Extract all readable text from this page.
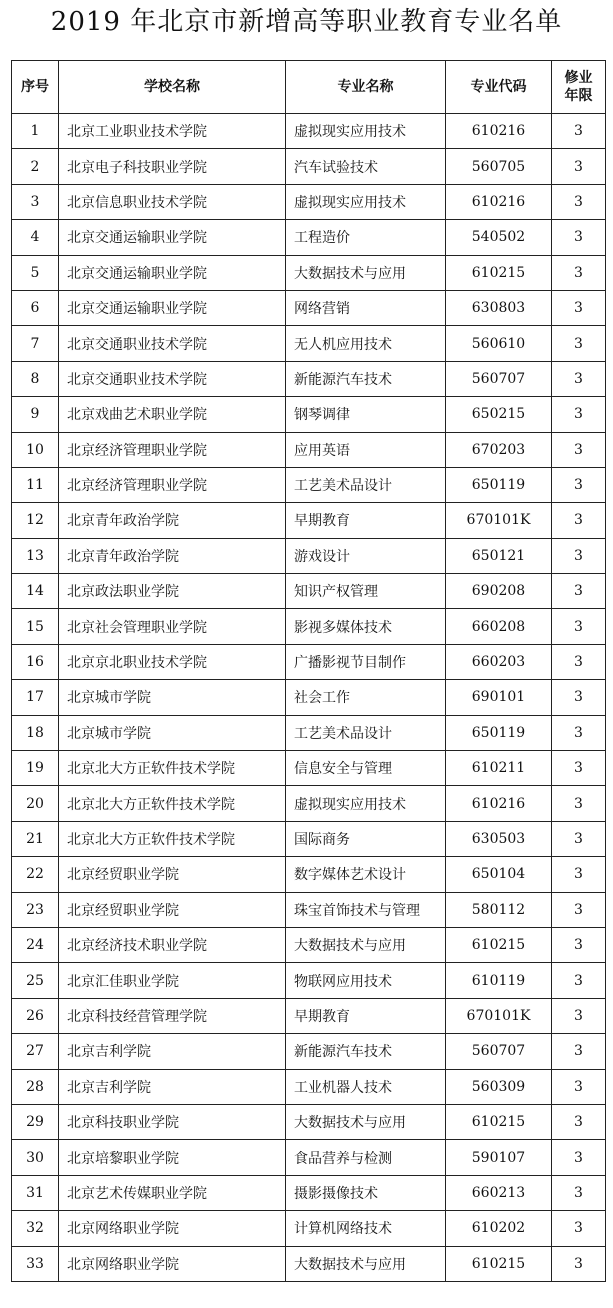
2019 年北京市新增高等职业教育专业名单
序号	学校名称	专业名称	专业代码	修业
年限

1	北京工业职业技术学院	虚拟现实应用技术	610216	3
2	北京电子科技职业学院	汽车试验技术	560705	3
3	北京信息职业技术学院	虚拟现实应用技术	610216	3
4	北京交通运输职业学院	工程造价	540502	3
5	北京交通运输职业学院	大数据技术与应用	610215	3
6	北京交通运输职业学院	网络营销	630803	3
7	北京交通职业技术学院	无人机应用技术	560610	3
8	北京交通职业技术学院	新能源汽车技术	560707	3
9	北京戏曲艺术职业学院	钢琴调律	650215	3
10	北京经济管理职业学院	应用英语	670203	3
11	北京经济管理职业学院	工艺美术品设计	650119	3
12	北京青年政治学院	早期教育	670101K	3
13	北京青年政治学院	游戏设计	650121	3
14	北京政法职业学院	知识产权管理	690208	3
15	北京社会管理职业学院	影视多媒体技术	660208	3
16	北京京北职业技术学院	广播影视节目制作	660203	3
17	北京城市学院	社会工作	690101	3
18	北京城市学院	工艺美术品设计	650119	3
19	北京北大方正软件技术学院	信息安全与管理	610211	3
20	北京北大方正软件技术学院	虚拟现实应用技术	610216	3
21	北京北大方正软件技术学院	国际商务	630503	3
22	北京经贸职业学院	数字媒体艺术设计	650104	3
23	北京经贸职业学院	珠宝首饰技术与管理	580112	3
24	北京经济技术职业学院	大数据技术与应用	610215	3
25	北京汇佳职业学院	物联网应用技术	610119	3
26	北京科技经营管理学院	早期教育	670101K	3
27	北京吉利学院	新能源汽车技术	560707	3
28	北京吉利学院	工业机器人技术	560309	3
29	北京科技职业学院	大数据技术与应用	610215	3
30	北京培黎职业学院	食品营养与检测	590107	3
31	北京艺术传媒职业学院	摄影摄像技术	660213	3
32	北京网络职业学院	计算机网络技术	610202	3
33	北京网络职业学院	大数据技术与应用	610215	3
